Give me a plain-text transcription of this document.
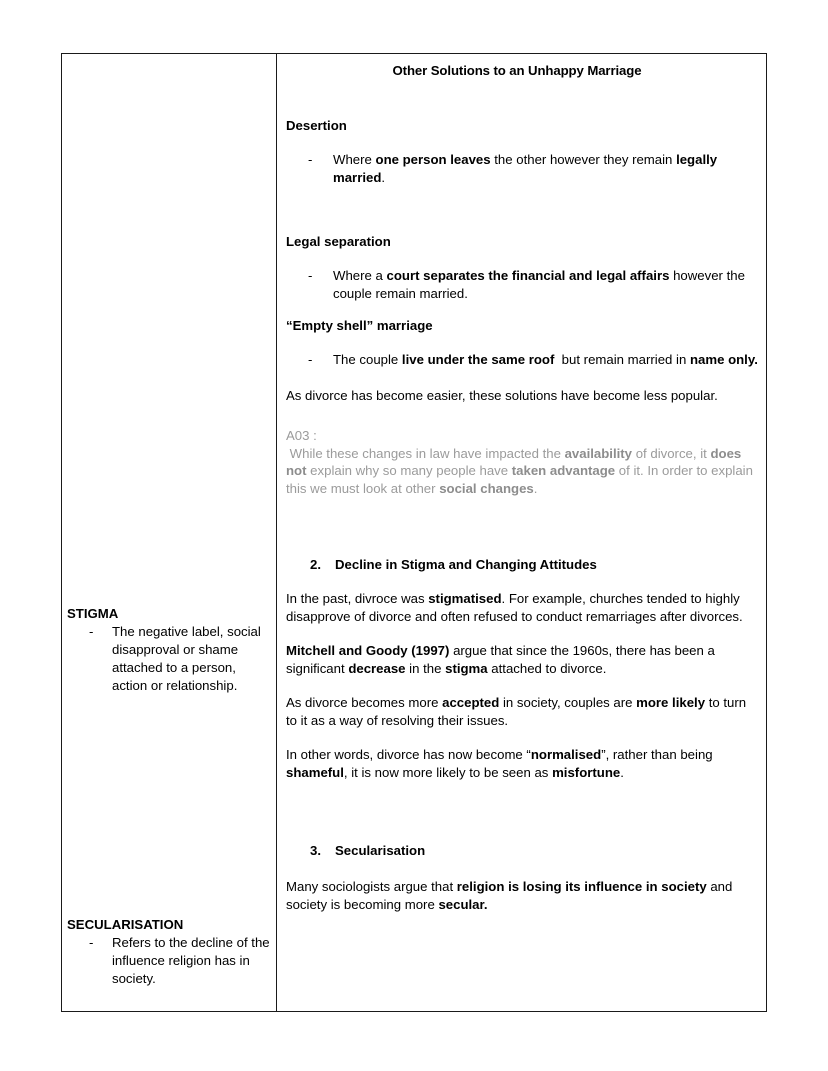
STIGMA
- The negative label, social disapproval or shame attached to a person, action or relationship.
SECULARISATION
- Refers to the decline of the influence religion has in society.
Other Solutions to an Unhappy Marriage
Desertion
- Where one person leaves the other however they remain legally married.
Legal separation
- Where a court separates the financial and legal affairs however the couple remain married.
“Empty shell” marriage
- The couple live under the same roof  but remain married in name only.
As divorce has become easier, these solutions have become less popular.
A03 :
While these changes in law have impacted the availability of divorce, it does not explain why so many people have taken advantage of it. In order to explain this we must look at other social changes.
2. Decline in Stigma and Changing Attitudes
In the past, divroce was stigmatised. For example, churches tended to highly disapprove of divorce and often refused to conduct remarriages after divorces.
Mitchell and Goody (1997) argue that since the 1960s, there has been a significant decrease in the stigma attached to divorce.
As divorce becomes more accepted in society, couples are more likely to turn to it as a way of resolving their issues.
In other words, divorce has now become “normalised”, rather than being shameful, it is now more likely to be seen as misfortune.
3. Secularisation
Many sociologists argue that religion is losing its influence in society and society is becoming more secular.
